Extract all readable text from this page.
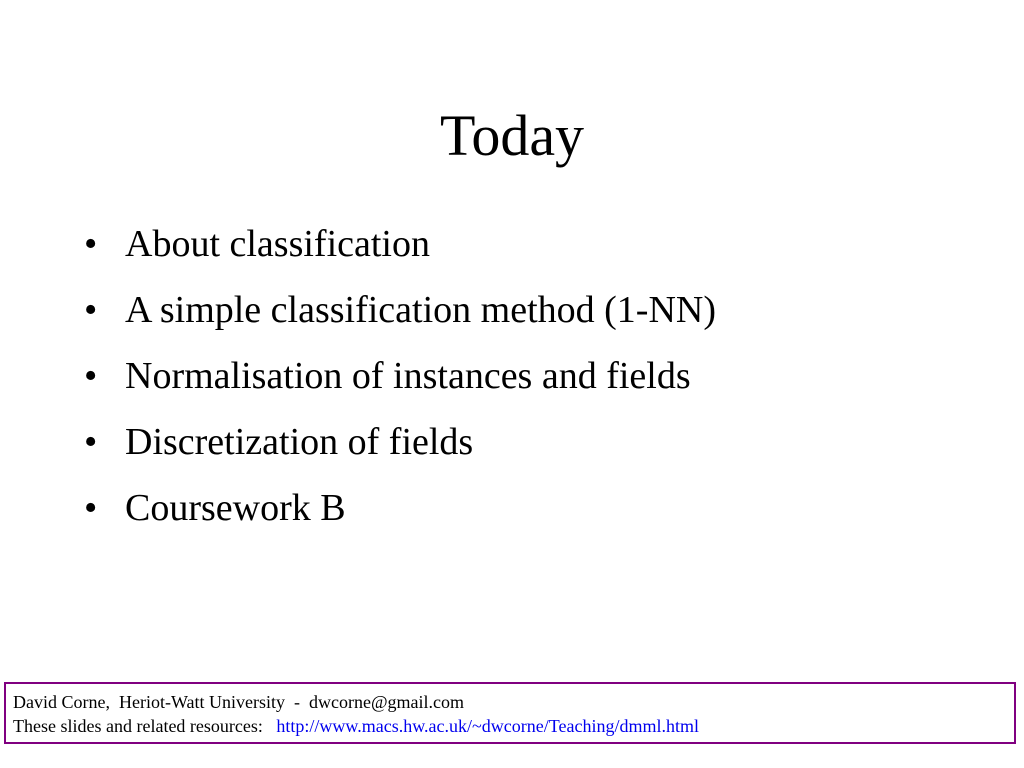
Today
• About classification
• A simple classification method (1-NN)
• Normalisation of instances and fields
• Discretization of fields
• Coursework B
David Corne,  Heriot-Watt University  -  dwcorne@gmail.com
These slides and related resources:   http://www.macs.hw.ac.uk/~dwcorne/Teaching/dmml.html
